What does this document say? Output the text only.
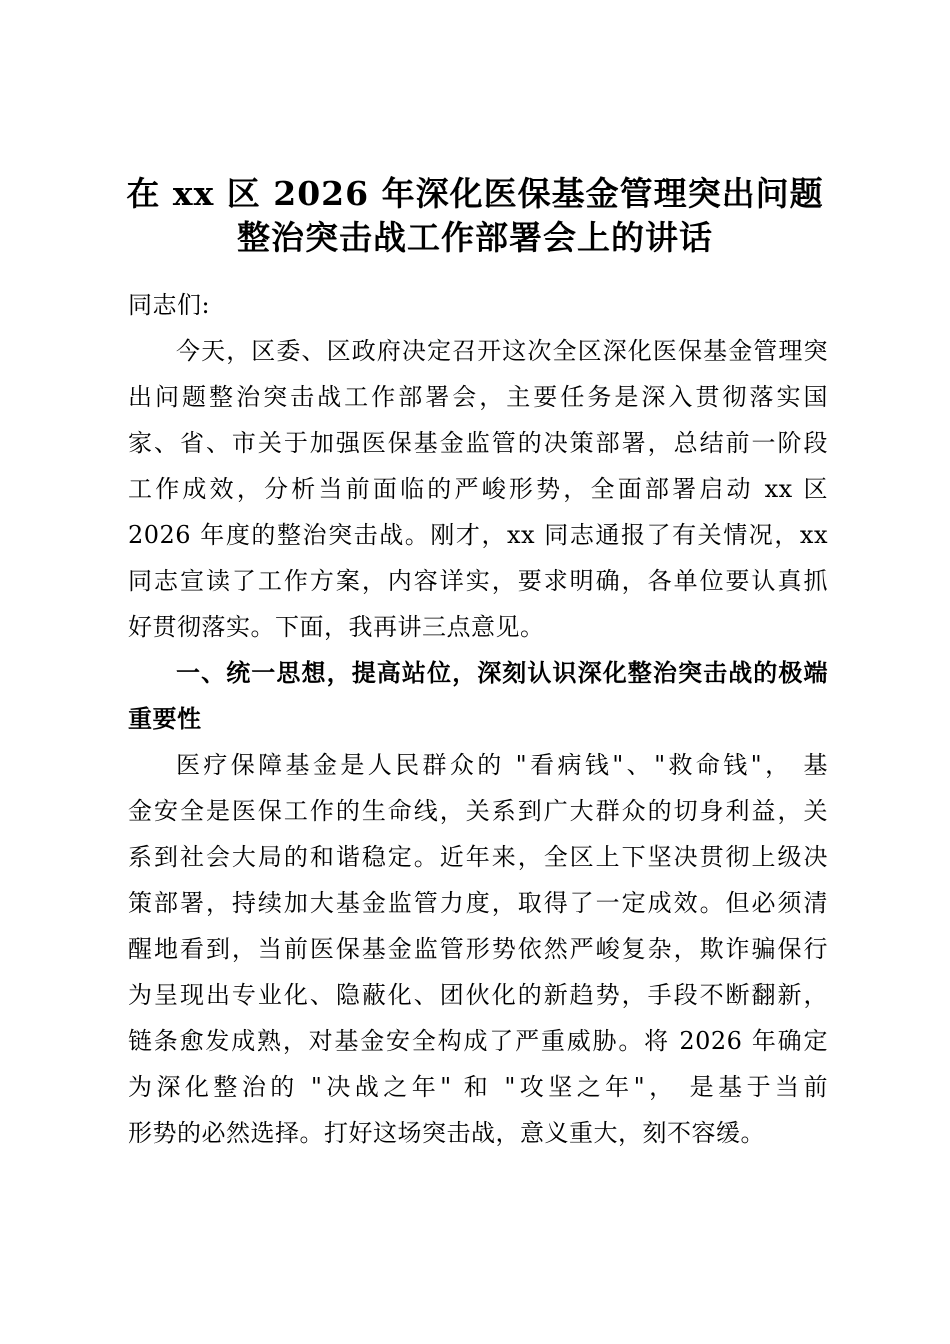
在 xx 区 2026 年深化医保基金管理突出问题
整治突击战工作部署会上的讲话

同志们:

今天，区委、区政府决定召开这次全区深化医保基金管理突

出问题整治突击战工作部署会，主要任务是深入贯彻落实国

家、省、市关于加强医保基金监管的决策部署，总结前一阶段

工作成效，分析当前面临的严峻形势，全面部署启动 xx 区

2026 年度的整治突击战。刚才，xx 同志通报了有关情况，xx

同志宣读了工作方案，内容详实，要求明确，各单位要认真抓

好贯彻落实。下面，我再讲三点意见。

一、统一思想，提高站位，深刻认识深化整治突击战的极端

重要性

医疗保障基金是人民群众的 "看病钱"、"救命钱"， 基

金安全是医保工作的生命线，关系到广大群众的切身利益，关

系到社会大局的和谐稳定。近年来，全区上下坚决贯彻上级决

策部署，持续加大基金监管力度，取得了一定成效。但必须清

醒地看到，当前医保基金监管形势依然严峻复杂，欺诈骗保行

为呈现出专业化、隐蔽化、团伙化的新趋势，手段不断翻新，

链条愈发成熟，对基金安全构成了严重威胁。将 2026 年确定

为深化整治的 "决战之年" 和 "攻坚之年"， 是基于当前

形势的必然选择。打好这场突击战，意义重大，刻不容缓。
